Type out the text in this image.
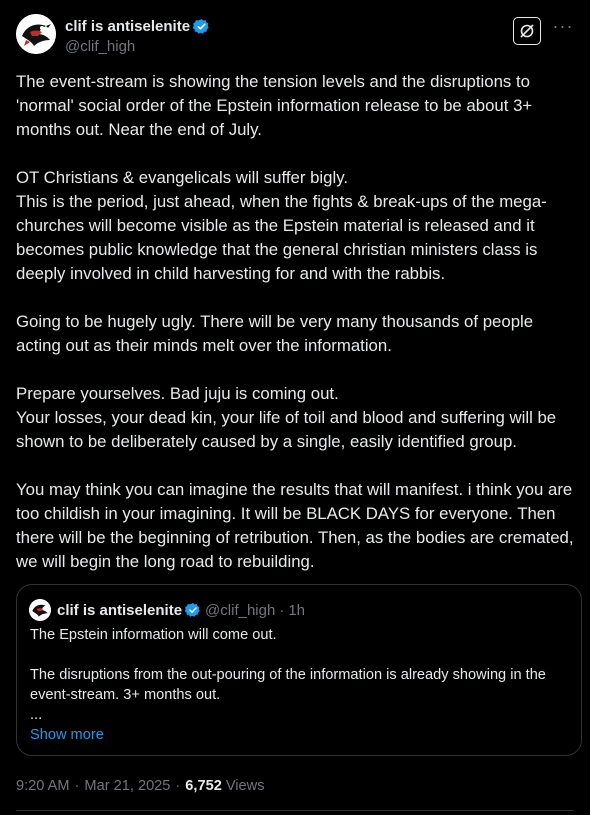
clif is antiselenite
@clif_high
···

The event-stream is showing the tension levels and the disruptions to 'normal' social order of the Epstein information release to be about 3+ months out. Near the end of July.

OT Christians & evangelicals will suffer bigly.
This is the period, just ahead, when the fights & break-ups of the mega-churches will become visible as the Epstein material is released and it becomes public knowledge that the general christian ministers class is deeply involved in child harvesting for and with the rabbis.

Going to be hugely ugly. There will be very many thousands of people acting out as their minds melt over the information.

Prepare yourselves. Bad juju is coming out.
Your losses, your dead kin, your life of toil and blood and suffering will be shown to be deliberately caused by a single, easily identified group.

You may think you can imagine the results that will manifest. i think you are too childish in your imagining. It will be BLACK DAYS for everyone. Then there will be the beginning of retribution. Then, as the bodies are cremated, we will begin the long road to rebuilding.

clif is antiselenite @clif_high · 1h

The Epstein information will come out.

The disruptions from the out-pouring of the information is already showing in the event-stream. 3+ months out.

...

Show more
9:20 AM · Mar 21, 2025 · 6,752 Views
